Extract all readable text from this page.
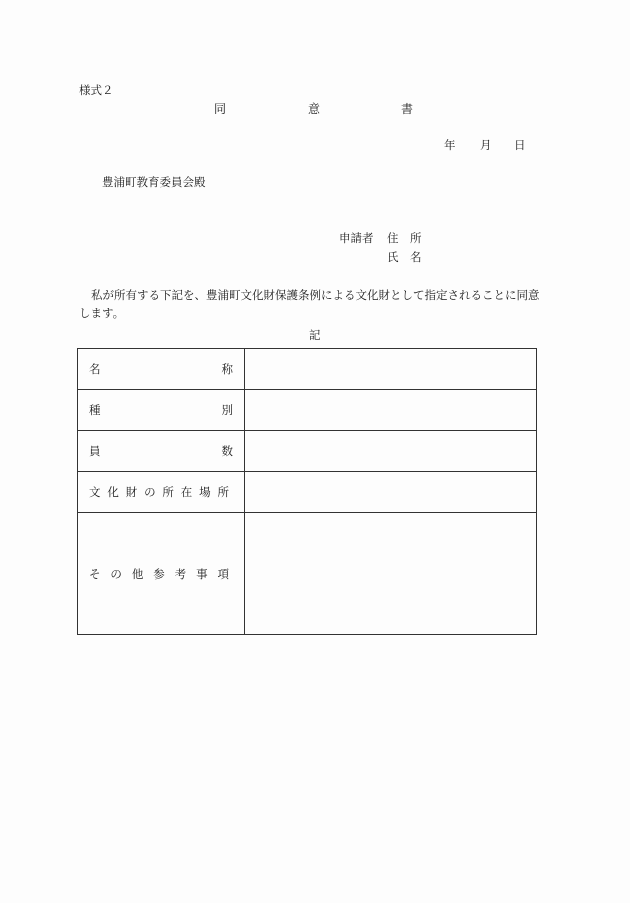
様式２
同	意	書
年 月 日
豊浦町教育委員会殿
申請者 住　所
氏　名
私が所有する下記を、豊浦町文化財保護条例による文化財として指定されることに同意
します。
記
名 称	
種 別	
員 数	
文化財の所在場所	
その他参考事項	
